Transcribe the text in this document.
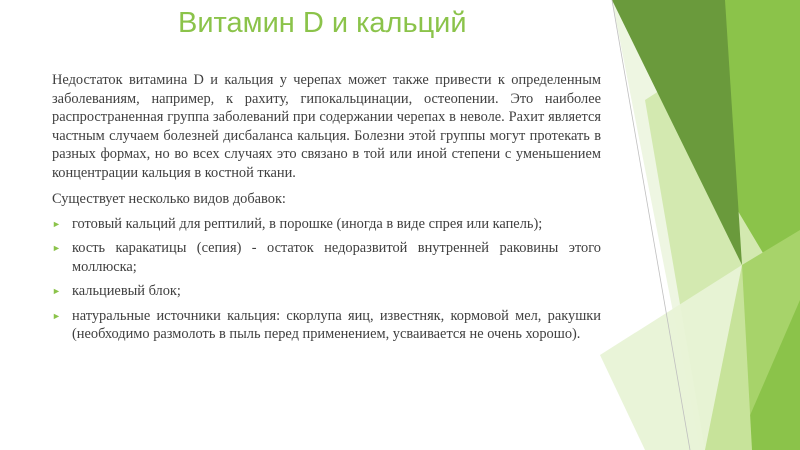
Витамин D и кальций

Недостаток витамина D и кальция у черепах может также привести к определенным заболеваниям, например, к рахиту, гипокальцинации, остеопении. Это наиболее распространенная группа заболеваний при содержании черепах в неволе. Рахит является частным случаем болезней дисбаланса кальция. Болезни этой группы могут протекать в разных формах, но во всех случаях это связано в той или иной степени с уменьшением концентрации кальция в костной ткани.

Существует несколько видов добавок:

► готовый кальций для рептилий, в порошке (иногда в виде спрея или капель);
► кость каракатицы (сепия) - остаток недоразвитой внутренней раковины этого моллюска;
► кальциевый блок;
► натуральные источники кальция: скорлупа яиц, известняк, кормовой мел, ракушки (необходимо размолоть в пыль перед применением, усваивается не очень хорошо).
